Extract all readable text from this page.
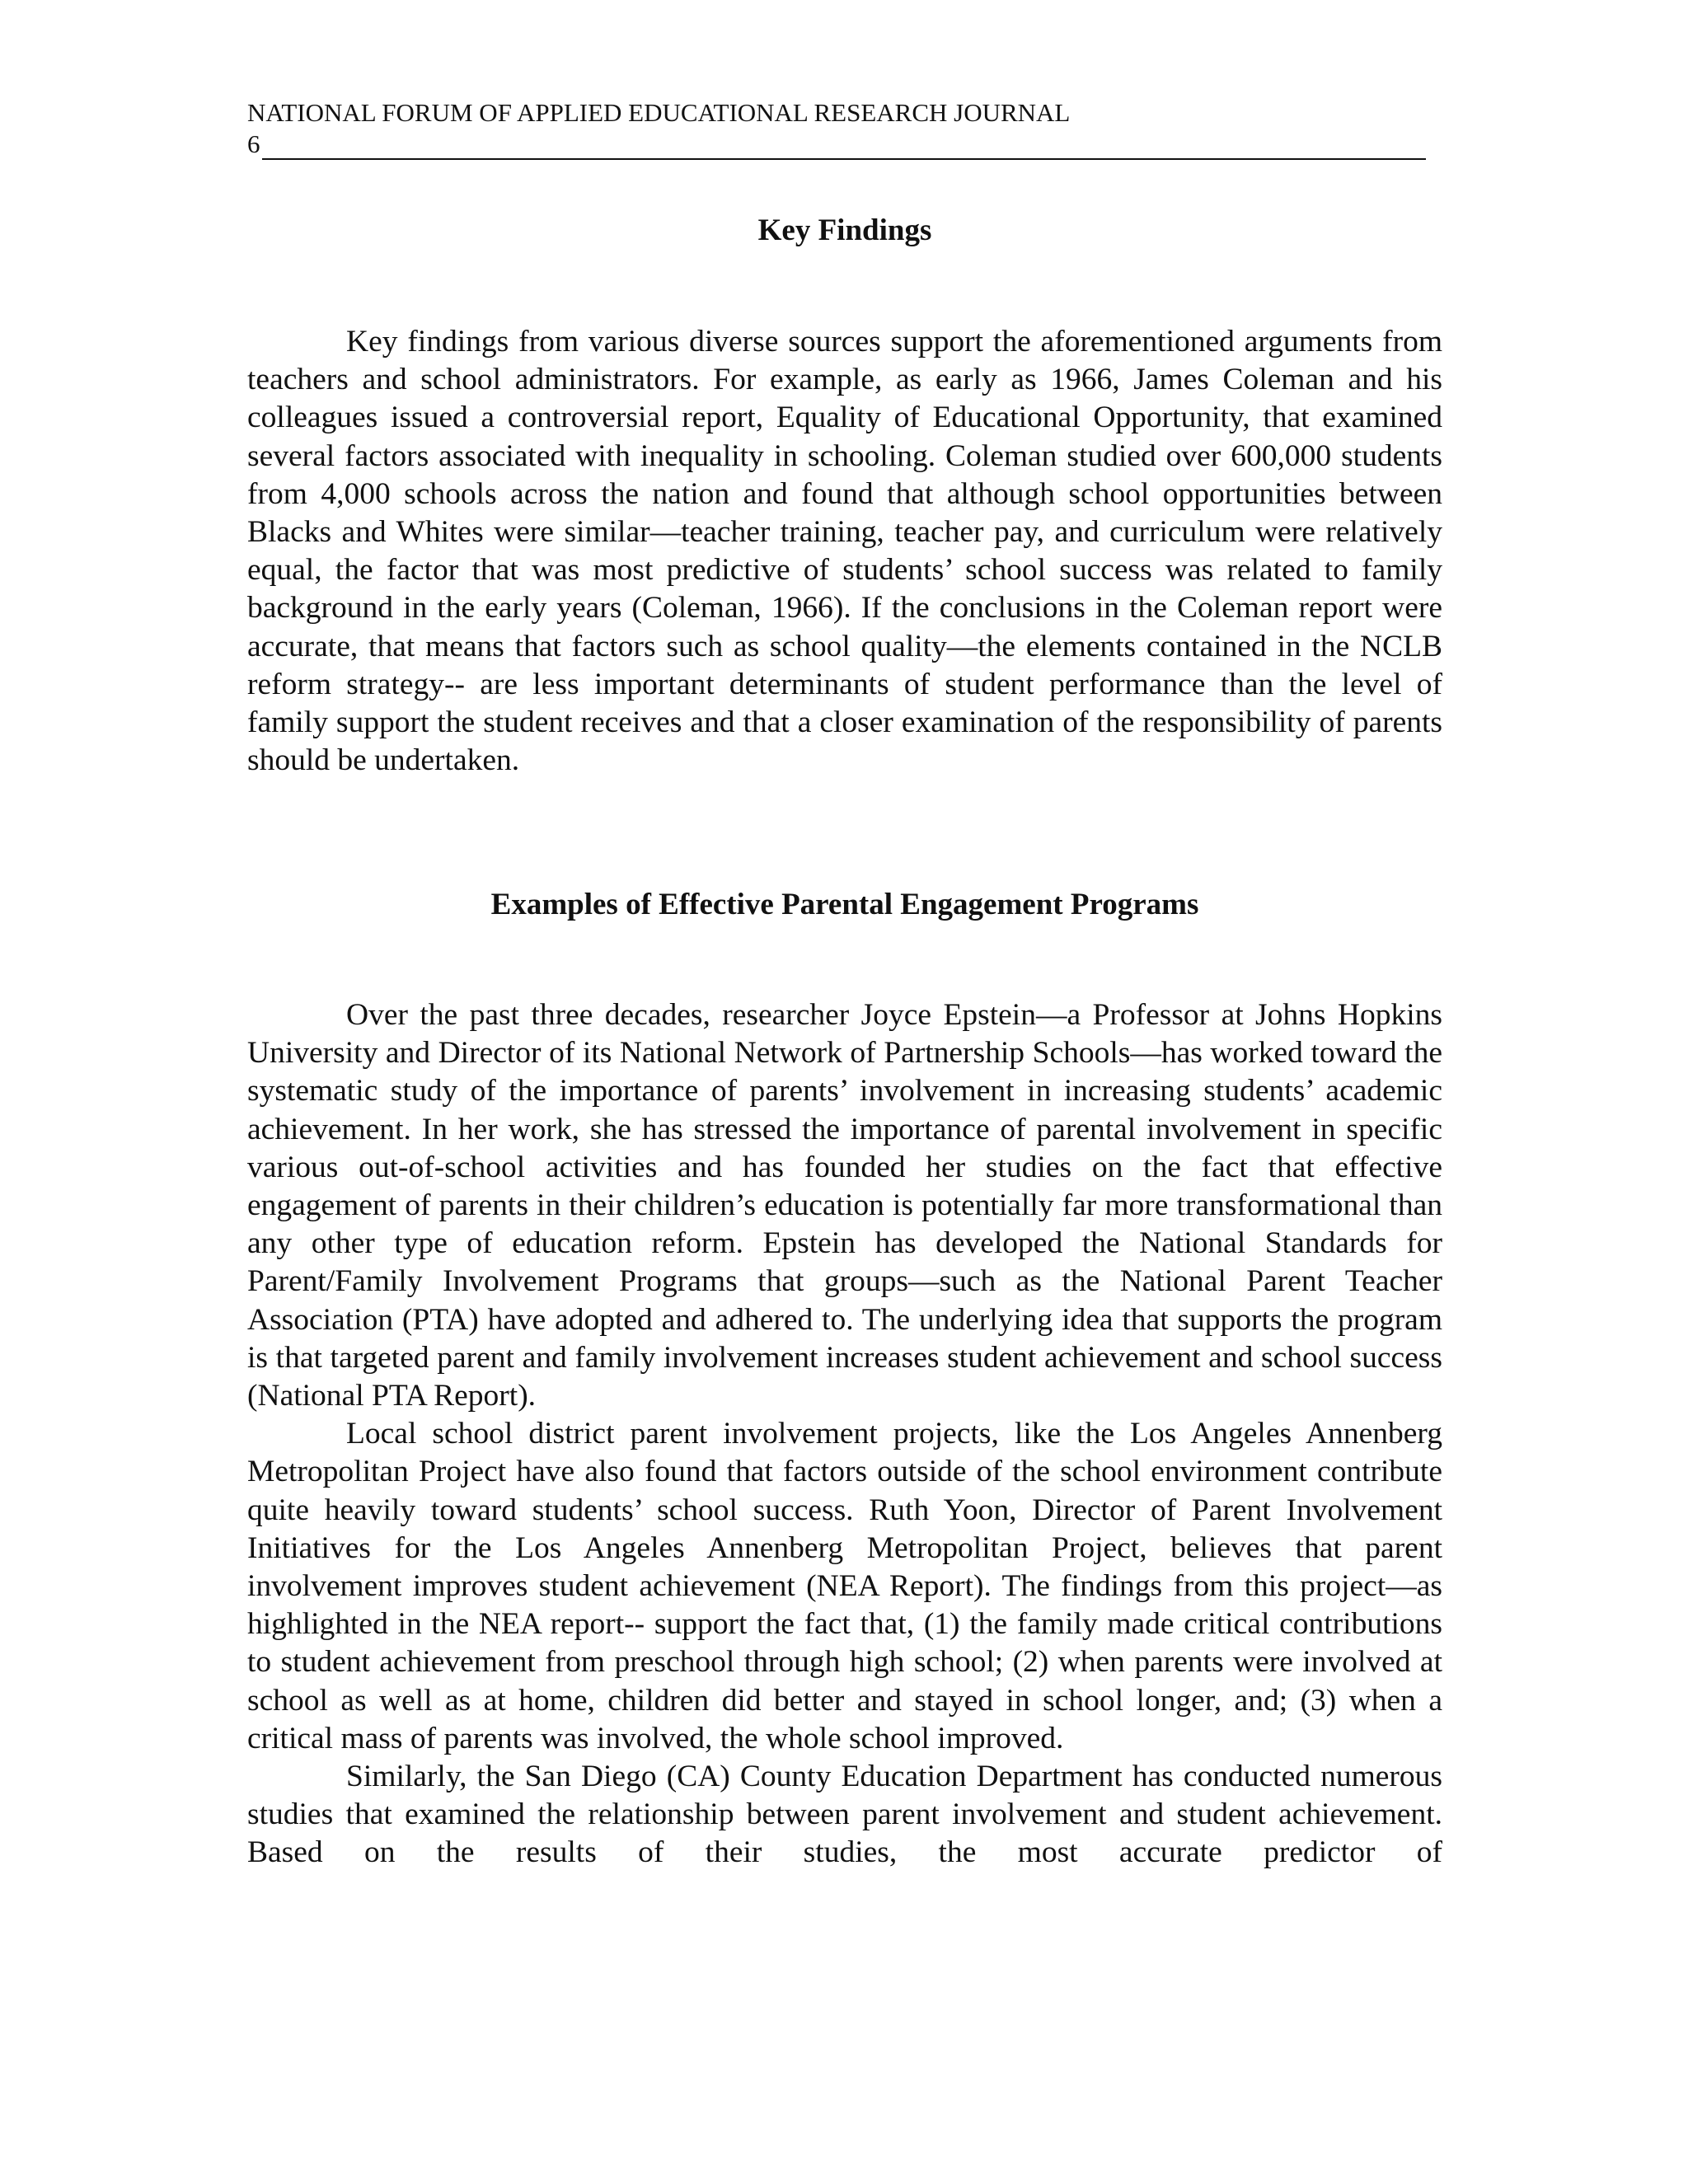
NATIONAL FORUM OF APPLIED EDUCATIONAL RESEARCH JOURNAL
6
Key Findings

Key findings from various diverse sources support the aforementioned arguments from teachers and school administrators. For example, as early as 1966, James Coleman and his colleagues issued a controversial report, Equality of Educational Opportunity, that examined several factors associated with inequality in schooling. Coleman studied over 600,000 students from 4,000 schools across the nation and found that although school opportunities between Blacks and Whites were similar—teacher training, teacher pay, and curriculum were relatively equal, the factor that was most predictive of students’ school success was related to family background in the early years (Coleman, 1966). If the conclusions in the Coleman report were accurate, that means that factors such as school quality—the elements contained in the NCLB reform strategy-- are less important determinants of student performance than the level of family support the student receives and that a closer examination of the responsibility of parents should be undertaken.

Examples of Effective Parental Engagement Programs

Over the past three decades, researcher Joyce Epstein—a Professor at Johns Hopkins University and Director of its National Network of Partnership Schools—has worked toward the systematic study of the importance of parents’ involvement in increasing students’ academic achievement. In her work, she has stressed the importance of parental involvement in specific various out-of-school activities and has founded her studies on the fact that effective engagement of parents in their children’s education is potentially far more transformational than any other type of education reform. Epstein has developed the National Standards for Parent/Family Involvement Programs that groups—such as the National Parent Teacher Association (PTA) have adopted and adhered to. The underlying idea that supports the program is that targeted parent and family involvement increases student achievement and school success (National PTA Report).

Local school district parent involvement projects, like the Los Angeles Annenberg Metropolitan Project have also found that factors outside of the school environment contribute quite heavily toward students’ school success. Ruth Yoon, Director of Parent Involvement Initiatives for the Los Angeles Annenberg Metropolitan Project, believes that parent involvement improves student achievement (NEA Report). The findings from this project—as highlighted in the NEA report-- support the fact that, (1) the family made critical contributions to student achievement from preschool through high school; (2) when parents were involved at school as well as at home, children did better and stayed in school longer, and; (3) when a critical mass of parents was involved, the whole school improved.

Similarly, the San Diego (CA) County Education Department has conducted numerous studies that examined the relationship between parent involvement and student achievement. Based on the results of their studies, the most accurate predictor of
